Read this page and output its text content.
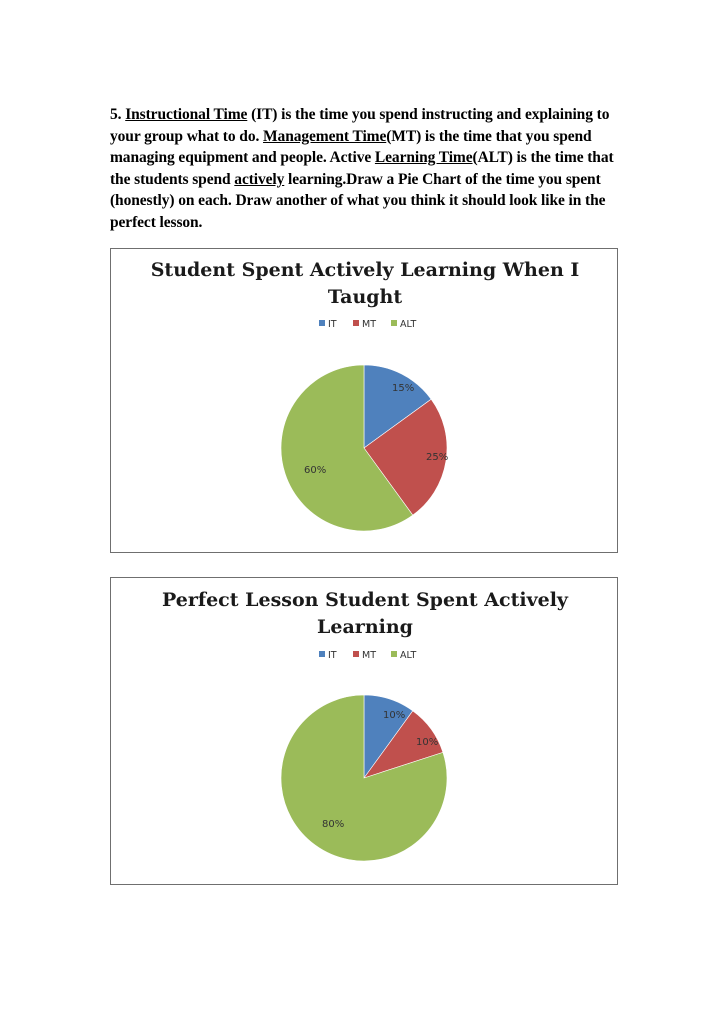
5. Instructional Time (IT) is the time you spend instructing and explaining to your group what to do. Management Time(MT) is the time that you spend managing equipment and people. Active Learning Time(ALT) is the time that the students spend actively learning.Draw a Pie Chart of the time you spent (honestly) on each. Draw another of what you think it should look like in the perfect lesson.

Student Spent Actively Learning When I
Taught
IT	MT	ALT
15%
25%
60%
Perfect Lesson Student Spent Actively
Learning
IT	MT	ALT
10%
10%
80%
